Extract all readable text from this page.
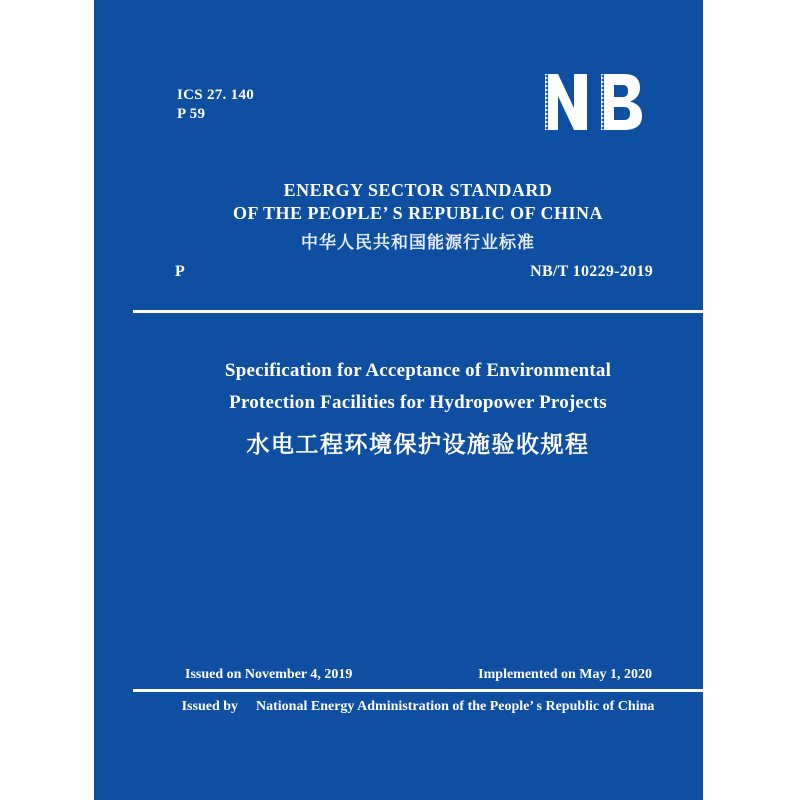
ICS 27. 140
P 59
ENERGY SECTOR STANDARD
OF THE PEOPLE’ S REPUBLIC OF CHINA
中华人民共和国能源行业标准
P	NB/T 10229-2019
Specification for Acceptance of Environmental
Protection Facilities for Hydropower Projects
水电工程环境保护设施验收规程
Issued on November 4, 2019	Implemented on May 1, 2020
Issued by National Energy Administration of the People’ s Republic of China
